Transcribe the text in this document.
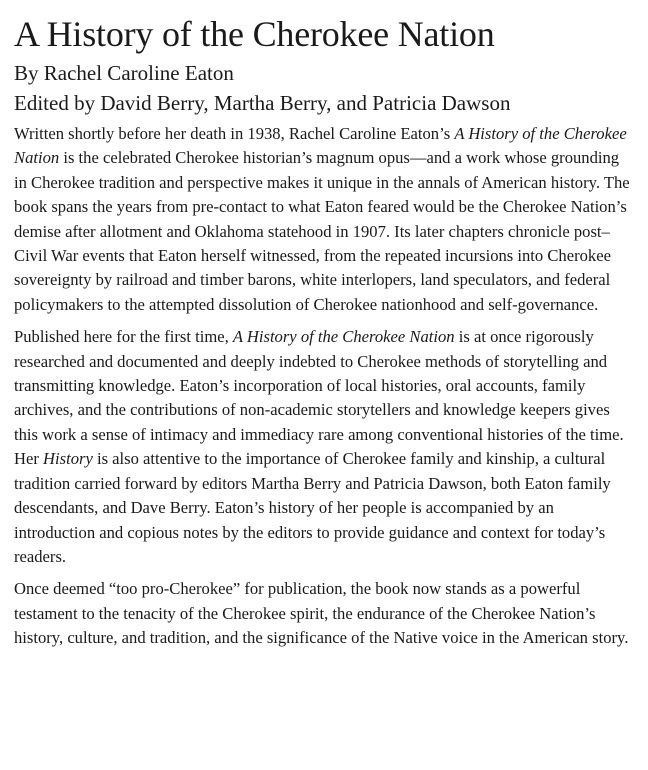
A History of the Cherokee Nation
By Rachel Caroline Eaton
Edited by David Berry, Martha Berry, and Patricia Dawson

Written shortly before her death in 1938, Rachel Caroline Eaton’s A History of the Cherokee Nation is the celebrated Cherokee historian’s magnum opus—and a work whose grounding in Cherokee tradition and perspective makes it unique in the annals of American history. The book spans the years from pre-contact to what Eaton feared would be the Cherokee Nation’s demise after allotment and Oklahoma statehood in 1907. Its later chapters chronicle post–Civil War events that Eaton herself witnessed, from the repeated incursions into Cherokee sovereignty by railroad and timber barons, white interlopers, land speculators, and federal policymakers to the attempted dissolution of Cherokee nationhood and self-governance.

Published here for the first time, A History of the Cherokee Nation is at once rigorously researched and documented and deeply indebted to Cherokee methods of storytelling and transmitting knowledge. Eaton’s incorporation of local histories, oral accounts, family archives, and the contributions of non-academic storytellers and knowledge keepers gives this work a sense of intimacy and immediacy rare among conventional histories of the time. Her History is also attentive to the importance of Cherokee family and kinship, a cultural tradition carried forward by editors Martha Berry and Patricia Dawson, both Eaton family descendants, and Dave Berry. Eaton’s history of her people is accompanied by an introduction and copious notes by the editors to provide guidance and context for today’s readers.

Once deemed “too pro-Cherokee” for publication, the book now stands as a powerful testament to the tenacity of the Cherokee spirit, the endurance of the Cherokee Nation’s history, culture, and tradition, and the significance of the Native voice in the American story.
